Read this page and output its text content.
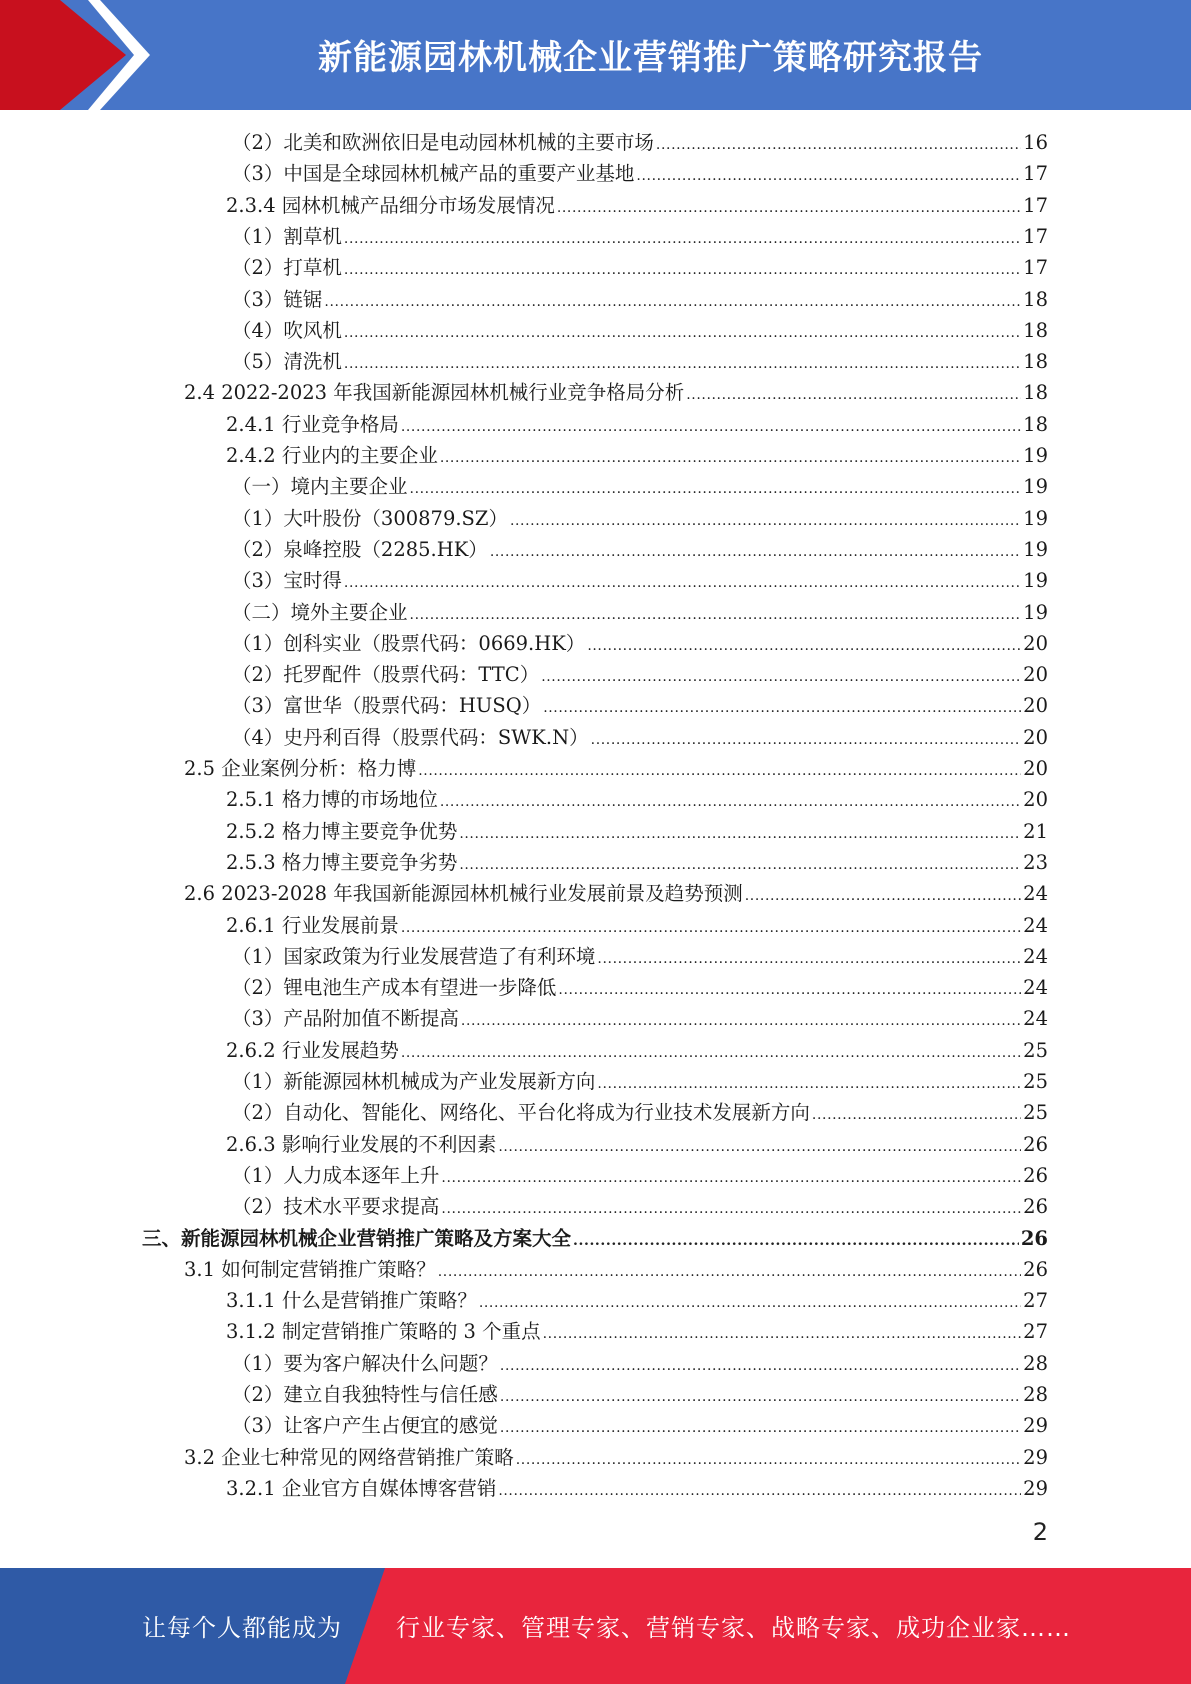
新能源园林机械企业营销推广策略研究报告
（2）北美和欧洲依旧是电动园林机械的主要市场 .....	16
（3）中国是全球园林机械产品的重要产业基地 .....	17
2.3.4 园林机械产品细分市场发展情况 .....	17
（1）割草机 .....	17
（2）打草机 .....	17
（3）链锯 .....	18
（4）吹风机 .....	18
（5）清洗机 .....	18
2.4 2022-2023 年我国新能源园林机械行业竞争格局分析 .....	18
2.4.1 行业竞争格局 .....	18
2.4.2 行业内的主要企业 .....	19
（一）境内主要企业 .....	19
（1）大叶股份（300879.SZ） .....	19
（2）泉峰控股（2285.HK） .....	19
（3）宝时得 .....	19
（二）境外主要企业 .....	19
（1）创科实业（股票代码：0669.HK） .....	20
（2）托罗配件（股票代码：TTC） .....	20
（3）富世华（股票代码：HUSQ） .....	20
（4）史丹利百得（股票代码：SWK.N） .....	20
2.5 企业案例分析：格力博 .....	20
2.5.1 格力博的市场地位 .....	20
2.5.2 格力博主要竞争优势 .....	21
2.5.3 格力博主要竞争劣势 .....	23
2.6 2023-2028 年我国新能源园林机械行业发展前景及趋势预测 .....	24
2.6.1 行业发展前景 .....	24
（1）国家政策为行业发展营造了有利环境 .....	24
（2）锂电池生产成本有望进一步降低 .....	24
（3）产品附加值不断提高 .....	24
2.6.2 行业发展趋势 .....	25
（1）新能源园林机械成为产业发展新方向 .....	25
（2）自动化、智能化、网络化、平台化将成为行业技术发展新方向 .....	25
2.6.3 影响行业发展的不利因素 .....	26
（1）人力成本逐年上升 .....	26
（2）技术水平要求提高 .....	26
三、新能源园林机械企业营销推广策略及方案大全 .....	26
3.1 如何制定营销推广策略？ .....	26
3.1.1 什么是营销推广策略？ .....	27
3.1.2 制定营销推广策略的 3 个重点 .....	27
（1）要为客户解决什么问题？ .....	28
（2）建立自我独特性与信任感 .....	28
（3）让客户产生占便宜的感觉 .....	29
3.2 企业七种常见的网络营销推广策略 .....	29
3.2.1 企业官方自媒体博客营销 .....	29
2
让每个人都能成为 行业专家、管理专家、营销专家、战略专家、成功企业家……
